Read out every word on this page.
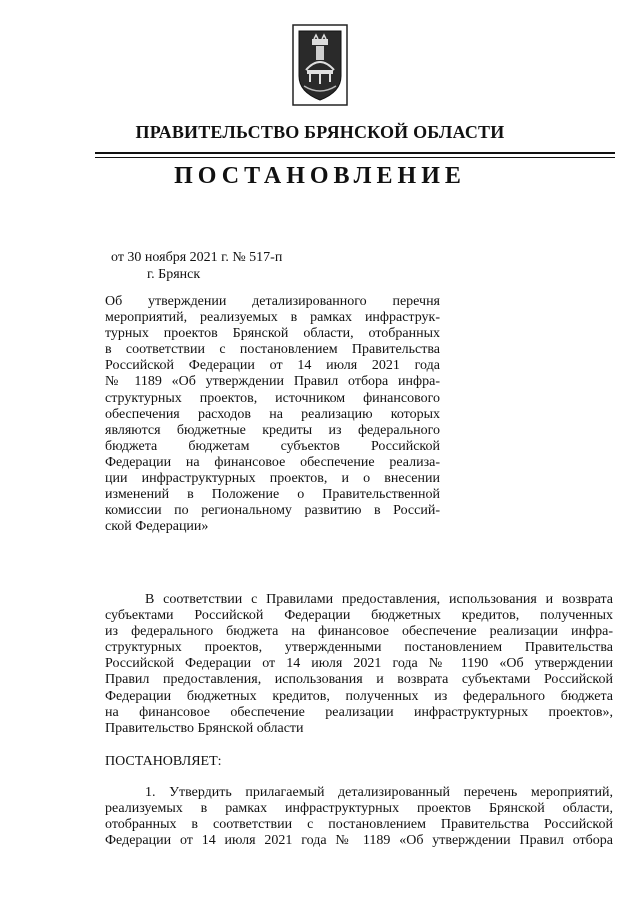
ПРАВИТЕЛЬСТВО БРЯНСКОЙ ОБЛАСТИ
ПОСТАНОВЛЕНИЕ
от 30 ноября 2021 г. № 517-п
г. Брянск
Об утверждении детализированного перечня
мероприятий, реализуемых в рамках инфраструк-
турных проектов Брянской области, отобранных
в соответствии с постановлением Правительства
Российской Федерации от 14 июля 2021 года
№ 1189 «Об утверждении Правил отбора инфра-
структурных проектов, источником финансового
обеспечения расходов на реализацию которых
являются бюджетные кредиты из федерального
бюджета бюджетам субъектов Российской
Федерации на финансовое обеспечение реализа-
ции инфраструктурных проектов, и о внесении
изменений в Положение о Правительственной
комиссии по региональному развитию в Россий-
ской Федерации»
В соответствии с Правилами предоставления, использования и возврата
субъектами Российской Федерации бюджетных кредитов, полученных
из федерального бюджета на финансовое обеспечение реализации инфра-
структурных проектов, утвержденными постановлением Правительства
Российской Федерации от 14 июля 2021 года № 1190 «Об утверждении
Правил предоставления, использования и возврата субъектами Российской
Федерации бюджетных кредитов, полученных из федерального бюджета
на финансовое обеспечение реализации инфраструктурных проектов»,
Правительство Брянской области
ПОСТАНОВЛЯЕТ:
1. Утвердить прилагаемый детализированный перечень мероприятий,
реализуемых в рамках инфраструктурных проектов Брянской области,
отобранных в соответствии с постановлением Правительства Российской
Федерации от 14 июля 2021 года № 1189 «Об утверждении Правил отбора
